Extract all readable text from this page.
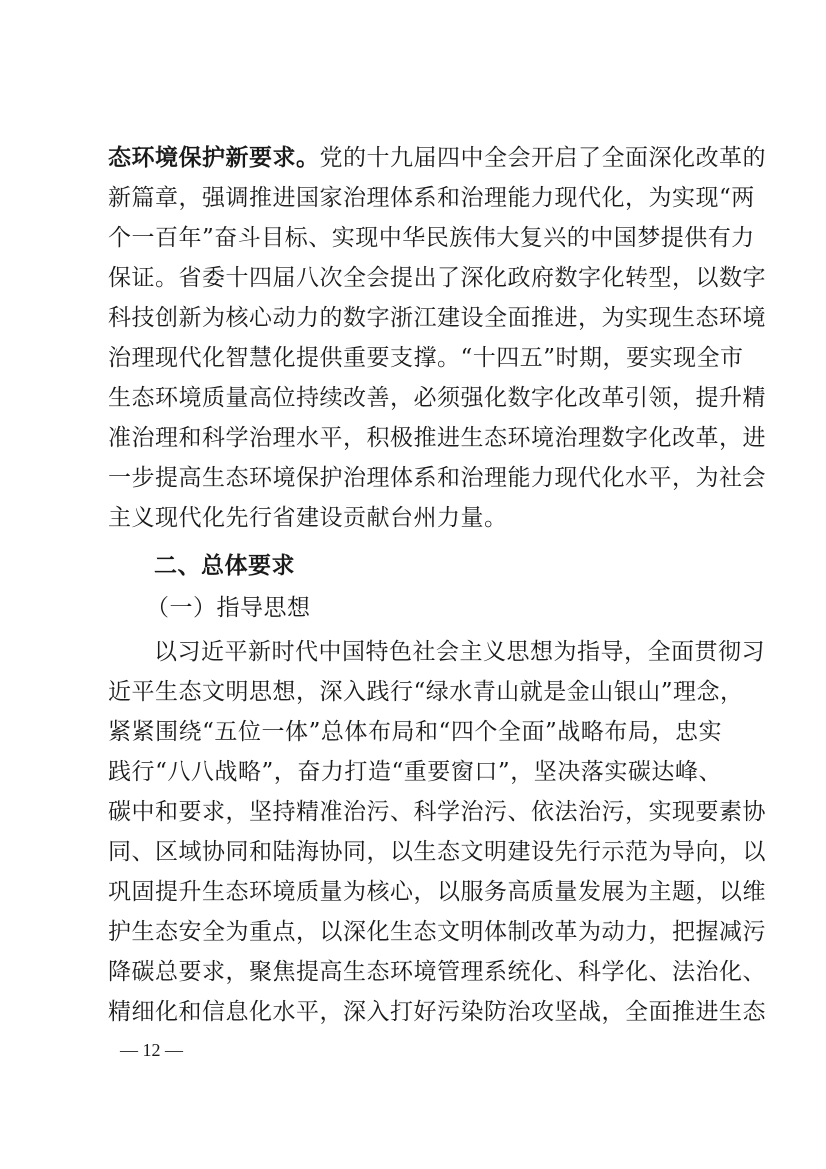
态环境保护新要求。党的十九届四中全会开启了全面深化改革的
新篇章，强调推进国家治理体系和治理能力现代化，为实现“两
个一百年”奋斗目标、实现中华民族伟大复兴的中国梦提供有力
保证。省委十四届八次全会提出了深化政府数字化转型，以数字
科技创新为核心动力的数字浙江建设全面推进，为实现生态环境
治理现代化智慧化提供重要支撑。“十四五”时期，要实现全市
生态环境质量高位持续改善，必须强化数字化改革引领，提升精
准治理和科学治理水平，积极推进生态环境治理数字化改革，进
一步提高生态环境保护治理体系和治理能力现代化水平，为社会
主义现代化先行省建设贡献台州力量。
二、总体要求
（一）指导思想
以习近平新时代中国特色社会主义思想为指导，全面贯彻习
近平生态文明思想，深入践行“绿水青山就是金山银山”理念，
紧紧围绕“五位一体”总体布局和“四个全面”战略布局，忠实
践行“八八战略”，奋力打造“重要窗口”，坚决落实碳达峰、
碳中和要求，坚持精准治污、科学治污、依法治污，实现要素协
同、区域协同和陆海协同，以生态文明建设先行示范为导向，以
巩固提升生态环境质量为核心，以服务高质量发展为主题，以维
护生态安全为重点，以深化生态文明体制改革为动力，把握减污
降碳总要求，聚焦提高生态环境管理系统化、科学化、法治化、
精细化和信息化水平，深入打好污染防治攻坚战，全面推进生态
— 12 —
